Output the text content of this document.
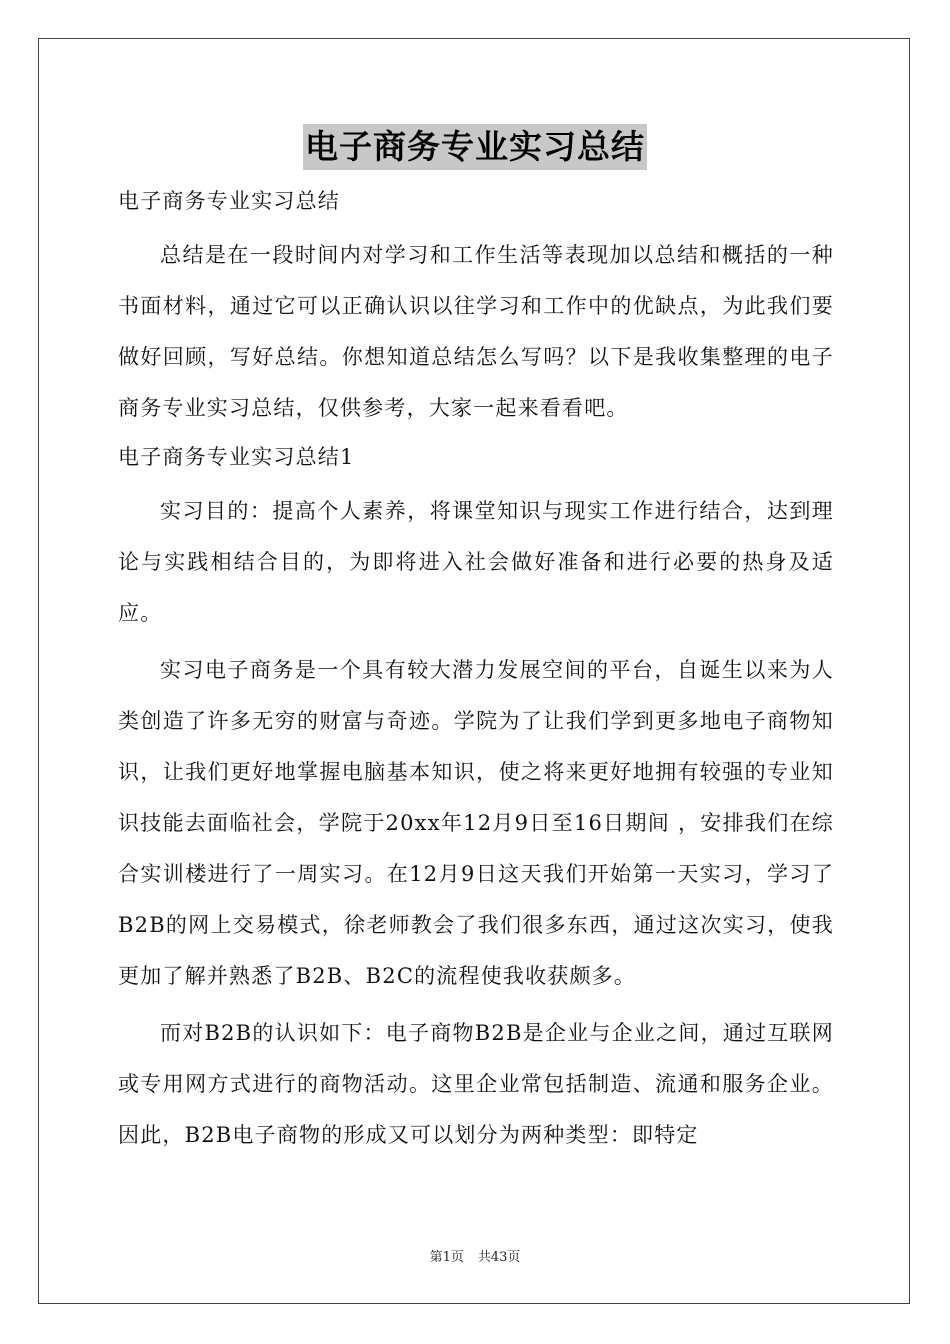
电子商务专业实习总结

电子商务专业实习总结

总结是在一段时间内对学习和工作生活等表现加以总结和概括的一种书面材料，通过它可以正确认识以往学习和工作中的优缺点，为此我们要做好回顾，写好总结。你想知道总结怎么写吗？以下是我收集整理的电子商务专业实习总结，仅供参考，大家一起来看看吧。

电子商务专业实习总结1

实习目的：提高个人素养，将课堂知识与现实工作进行结合，达到理论与实践相结合目的，为即将进入社会做好准备和进行必要的热身及适应。

实习电子商务是一个具有较大潜力发展空间的平台，自诞生以来为人类创造了许多无穷的财富与奇迹。学院为了让我们学到更多地电子商物知识，让我们更好地掌握电脑基本知识，使之将来更好地拥有较强的专业知识技能去面临社会，学院于20xx年12月9日至16日期间 ，安排我们在综合实训楼进行了一周实习。在12月9日这天我们开始第一天实习，学习了B2B的网上交易模式，徐老师教会了我们很多东西，通过这次实习，使我更加了解并熟悉了B2B、B2C的流程使我收获颇多。

而对B2B的认识如下：电子商物B2B是企业与企业之间，通过互联网或专用网方式进行的商物活动。这里企业常包括制造、流通和服务企业。因此，B2B电子商物的形成又可以划分为两种类型：即特定

第1页 共43页
